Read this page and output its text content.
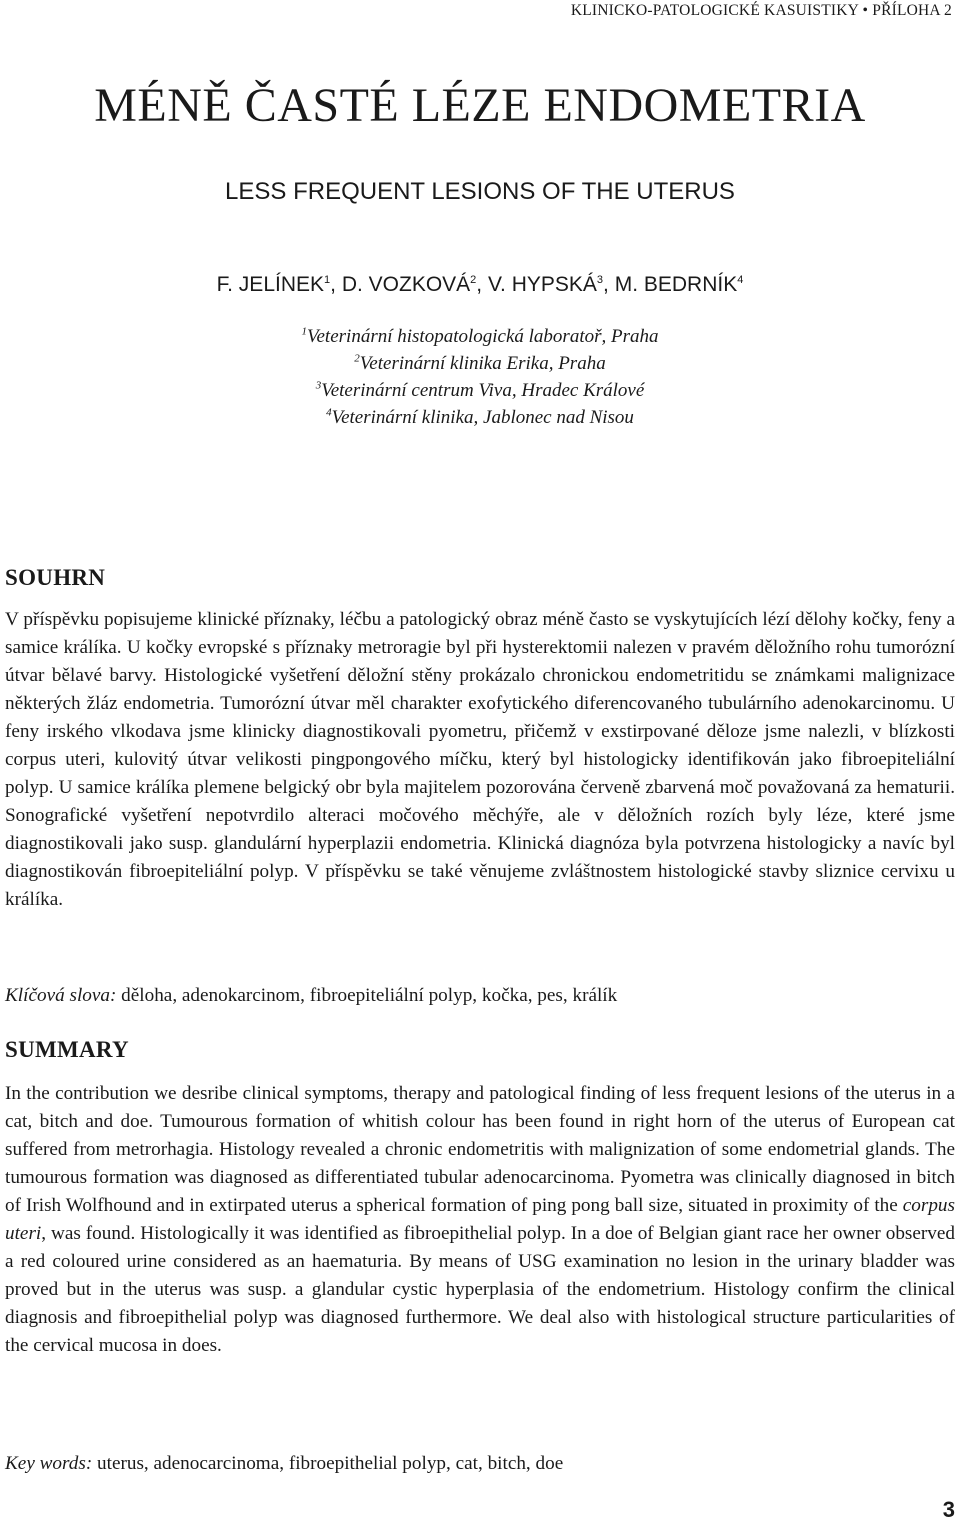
KLINICKO-PATOLOGICKÉ KASUISTIKY • PŘÍLOHA 2
MÉNĚ ČASTÉ LÉZE ENDOMETRIA
LESS FREQUENT LESIONS OF THE UTERUS
F. JELÍNEK$^1$, D. VOZKOVÁ$^2$, V. HYPSKÁ$^3$, M. BEDRNÍK$^4$
$^1$Veterinární histopatologická laboratoř, Praha
$^2$Veterinární klinika Erika, Praha
$^3$Veterinární centrum Viva, Hradec Králové
$^4$Veterinární klinika, Jablonec nad Nisou
SOUHRN

V příspěvku popisujeme klinické příznaky, léčbu a patologický obraz méně často se vyskytujících lézí dělohy kočky, feny a samice králíka. U kočky evropské s příznaky metroragie byl při hysterektomii nalezen v pravém děložního rohu tumorózní útvar bělavé barvy. Histologické vyšetření děložní stěny prokázalo chronickou endometritidu se známkami malignizace některých žláz endometria. Tumorózní útvar měl charakter exofytického diferencovaného tubulárního adenokarcinomu. U feny irského vlkodava jsme klinicky diagnostikovali pyometru, přičemž v exstirpované děloze jsme nalezli, v blízkosti corpus uteri, kulovitý útvar velikosti pingpongového míčku, který byl histologicky identifikován jako fibroepiteliální polyp. U samice králíka plemene belgický obr byla majitelem pozorována červeně zbarvená moč považovaná za hematurii. Sonografické vyšetření nepotvrdilo alteraci močového měchýře, ale v děložních rozích byly léze, které jsme diagnostikovali jako susp. glandulární hyperplazii endometria. Klinická diagnóza byla potvrzena histologicky a navíc byl diagnostikován fibroepiteliální polyp. V příspěvku se také věnujeme zvláštnostem histologické stavby sliznice cervixu u králíka.

Klíčová slova: děloha, adenokarcinom, fibroepiteliální polyp, kočka, pes, králík
SUMMARY

In the contribution we desribe clinical symptoms, therapy and patological finding of less frequent lesions of the uterus in a cat, bitch and doe. Tumourous formation of whitish colour has been found in right horn of the uterus of European cat suffered from metrorhagia. Histology revealed a chronic endometritis with malignization of some endometrial glands. The tumourous formation was diagnosed as differentiated tubular adenocarcinoma. Pyometra was clinically diagnosed in bitch of Irish Wolfhound and in extirpated uterus a spherical formation of ping pong ball size, situated in proximity of the corpus uteri, was found. Histologically it was identified as fibroepithelial polyp. In a doe of Belgian giant race her owner observed a red coloured urine considered as an haematuria. By means of USG examination no lesion in the urinary bladder was proved but in the uterus was susp. a glandular cystic hyperplasia of the endometrium. Histology confirm the clinical diagnosis and fibroepithelial polyp was diagnosed furthermore. We deal also with histological structure particularities of the cervical mucosa in does.

Key words: uterus, adenocarcinoma, fibroepithelial polyp, cat, bitch, doe
3
